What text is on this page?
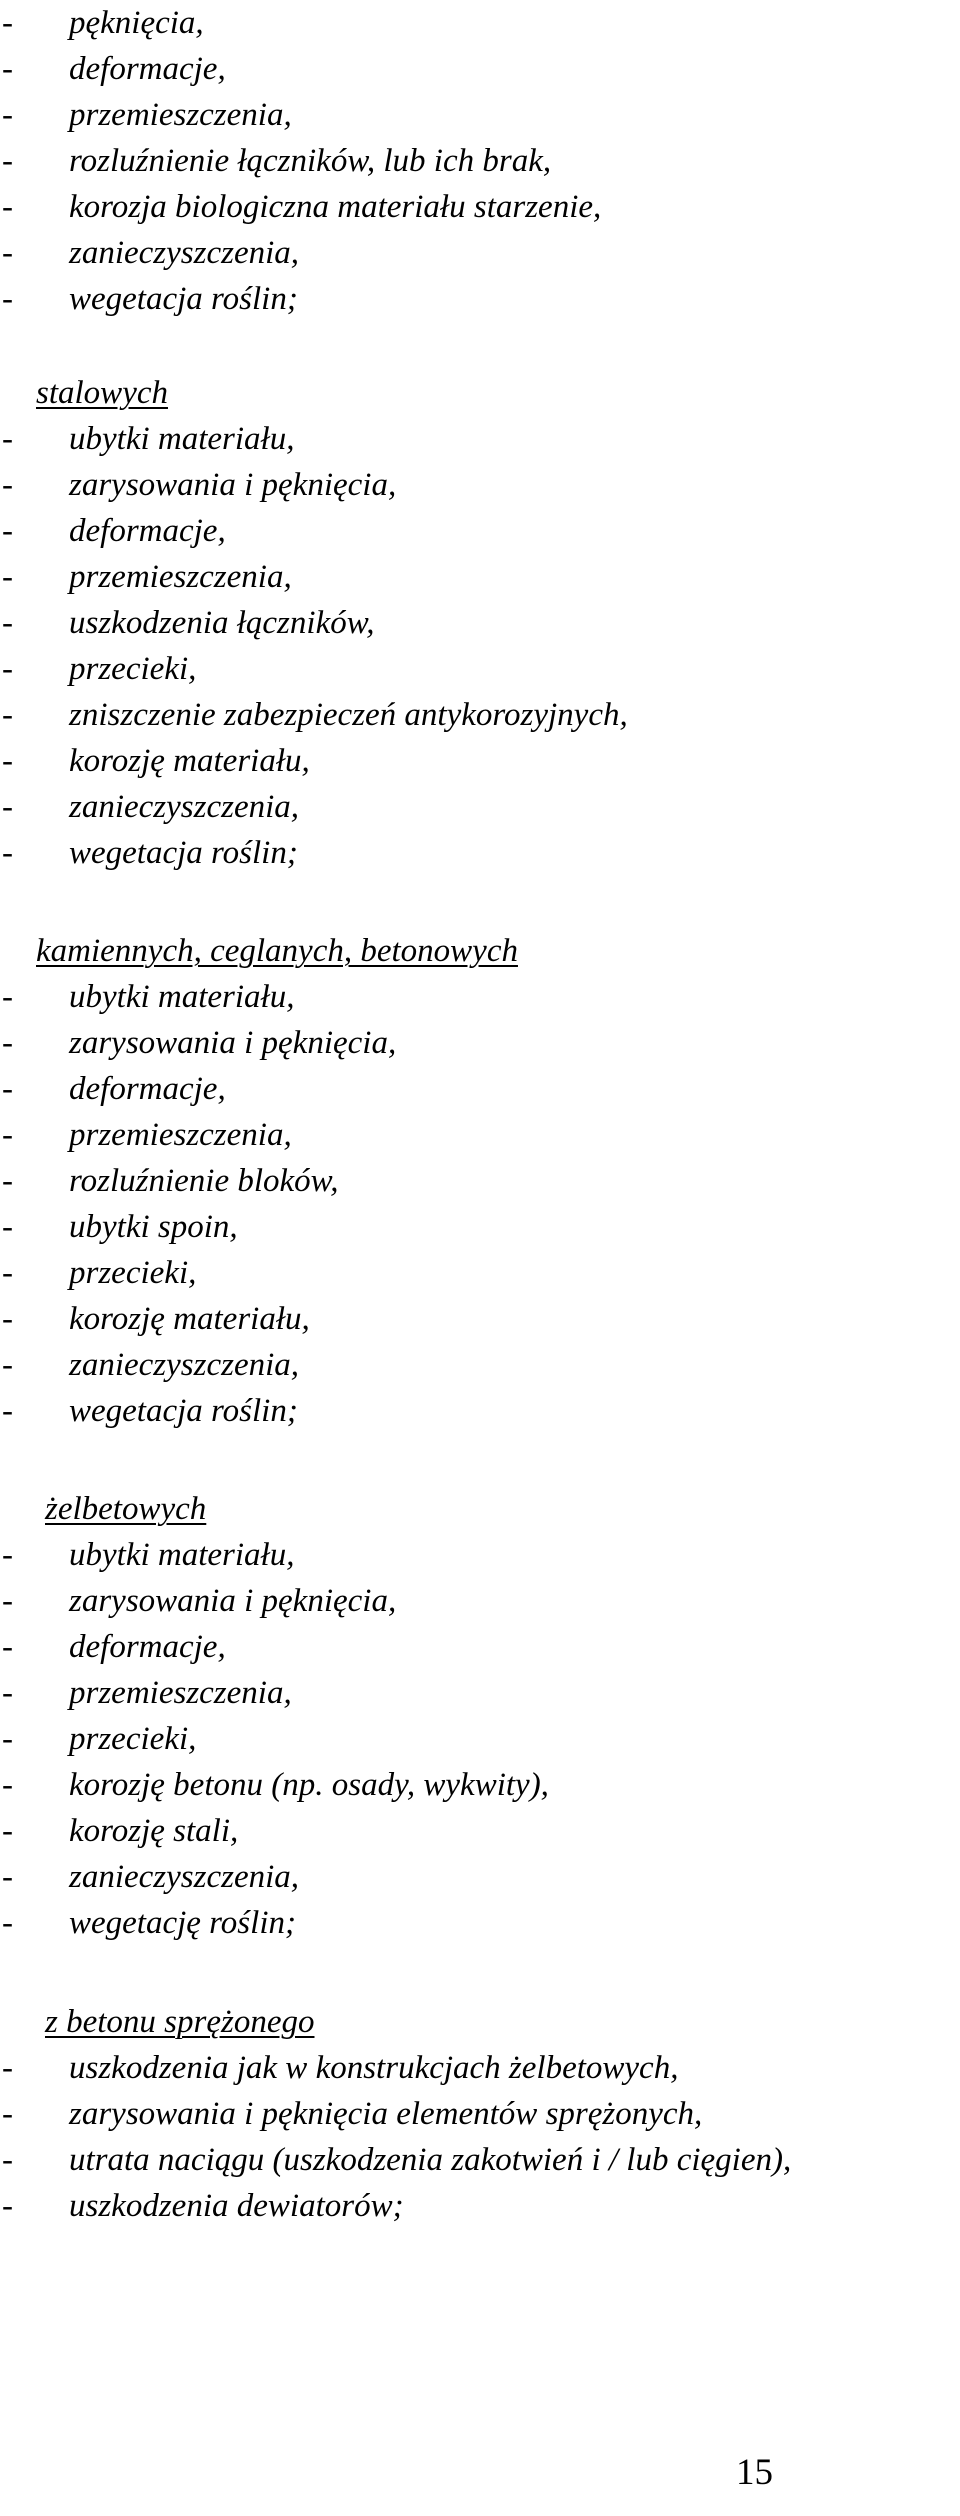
- pęknięcia,
- deformacje,
- przemieszczenia,
- rozluźnienie łączników, lub ich brak,
- korozja biologiczna materiału starzenie,
- zanieczyszczenia,
- wegetacja roślin;
stalowych
- ubytki materiału,
- zarysowania i pęknięcia,
- deformacje,
- przemieszczenia,
- uszkodzenia łączników,
- przecieki,
- zniszczenie zabezpieczeń antykorozyjnych,
- korozję materiału,
- zanieczyszczenia,
- wegetacja roślin;
kamiennych, ceglanych, betonowych
- ubytki materiału,
- zarysowania i pęknięcia,
- deformacje,
- przemieszczenia,
- rozluźnienie bloków,
- ubytki spoin,
- przecieki,
- korozję materiału,
- zanieczyszczenia,
- wegetacja roślin;
żelbetowych
- ubytki materiału,
- zarysowania i pęknięcia,
- deformacje,
- przemieszczenia,
- przecieki,
- korozję betonu (np. osady, wykwity),
- korozję stali,
- zanieczyszczenia,
- wegetację roślin;
z betonu sprężonego
- uszkodzenia jak w konstrukcjach żelbetowych,
- zarysowania i pęknięcia elementów sprężonych,
- utrata naciągu (uszkodzenia zakotwień i / lub cięgien),
- uszkodzenia dewiatorów;
15
